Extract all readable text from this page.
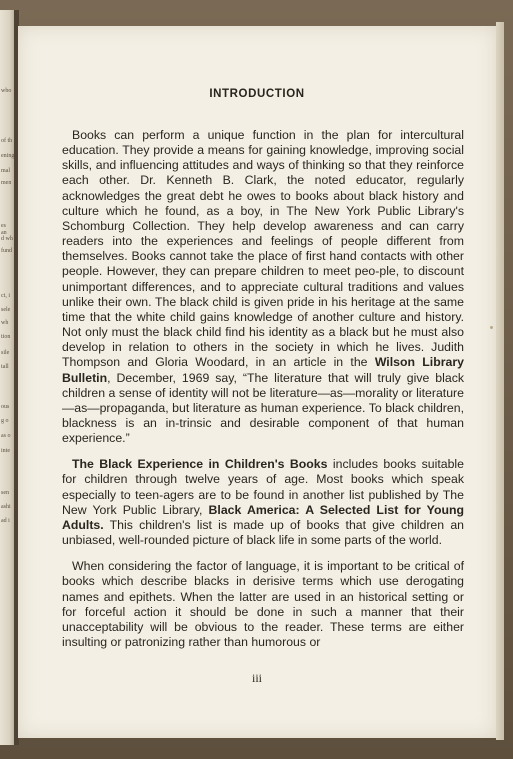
wbo
of th
ening
mal
men
es an
d wh
fund
ct, i
sele
wh
tion
sile
tall
ous
g o
as o
inte
sen
ashi
ad i
INTRODUCTION

Books can perform a unique function in the plan for intercultural education. They provide a means for gaining knowledge, improving social skills, and influencing attitudes and ways of thinking so that they reinforce each other. Dr. Kenneth B. Clark, the noted educator, regularly acknowledges the great debt he owes to books about black history and culture which he found, as a boy, in The New York Public Library's Schomburg Collection. They help develop awareness and can carry readers into the experiences and feelings of people different from themselves. Books cannot take the place of first hand contacts with other people. However, they can prepare children to meet peo-ple, to discount unimportant differences, and to appreciate cultural traditions and values unlike their own. The black child is given pride in his heritage at the same time that the white child gains knowledge of another culture and history. Not only must the black child find his identity as a black but he must also develop in relation to others in the society in which he lives. Judith Thompson and Gloria Woodard, in an article in the Wilson Library Bulletin, December, 1969 say, “The literature that will truly give black children a sense of identity will not be literature—as—morality or literature—as—propaganda, but literature as human experience. To black children, blackness is an in-trinsic and desirable component of that human experience.”

The Black Experience in Children's Books includes books suitable for children through twelve years of age. Most books which speak especially to teen-agers are to be found in another list published by The New York Public Library, Black America: A Selected List for Young Adults. This children's list is made up of books that give children an unbiased, well-rounded picture of black life in some parts of the world.

When considering the factor of language, it is important to be critical of books which describe blacks in derisive terms which use derogating names and epithets. When the latter are used in an historical setting or for forceful action it should be done in such a manner that their unacceptability will be obvious to the reader. These terms are either insulting or patronizing rather than humorous or

iii
